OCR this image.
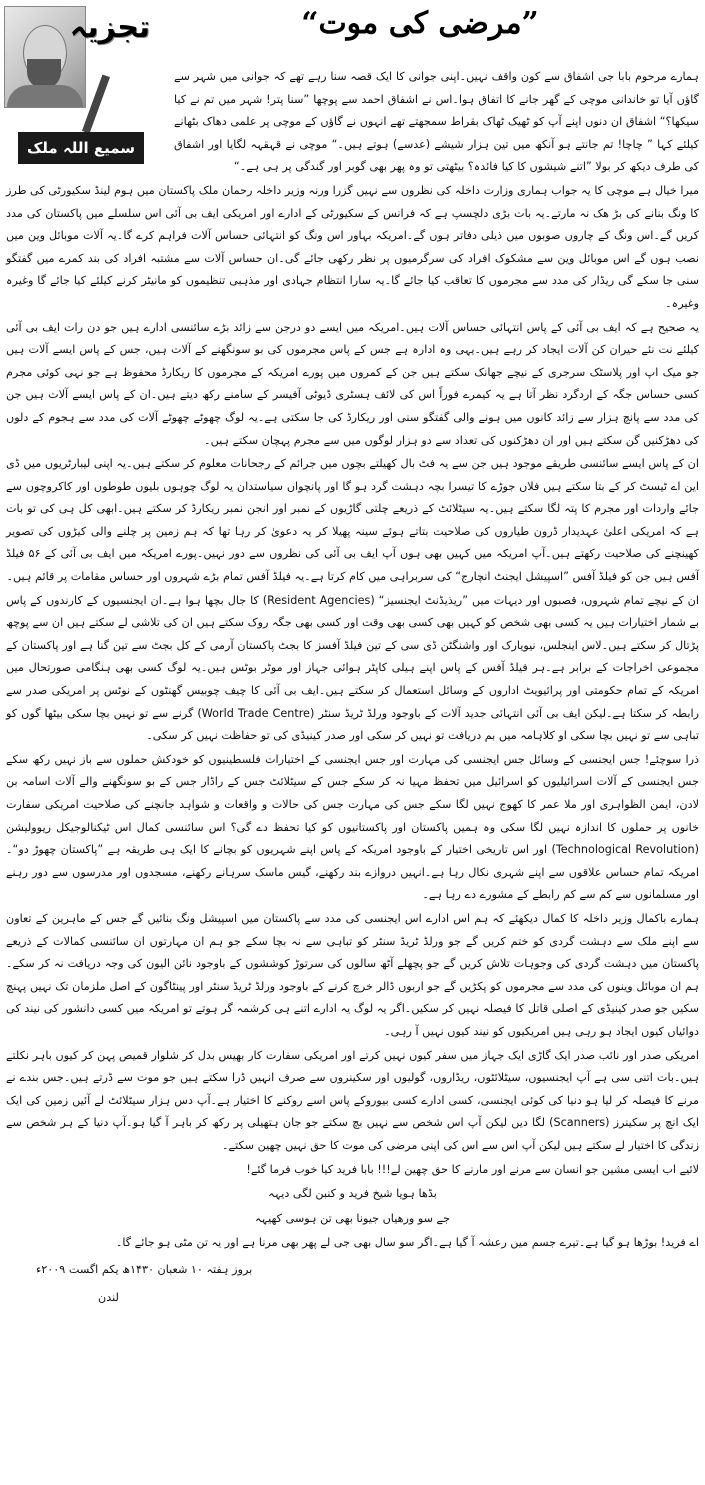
تجزیہ
سمیع اللہ ملک
”مرضی کی موت“

ہمارے مرحوم بابا جی اشفاق سے کون واقف نہیں۔اپنی جوانی کا ایک قصہ سنا رہے تھے کہ جوانی میں شہر سے گاؤں آیا تو خاندانی موچی کے گھر جانے کا اتفاق ہوا۔اس نے اشفاق احمد سے پوچھا ”سنا پتر! شہر میں تم نے کیا سیکھا؟“ اشفاق ان دنوں اپنے آپ کو ٹھیک ٹھاک بقراط سمجھتے تھے انہوں نے گاؤں کے موچی پر علمی دھاک بٹھانے کیلئے کہا ” چاچا! تم جانتے ہو آنکھ میں تین ہزار شیشے (عدسے) ہوتے ہیں۔“ موچی نے قہقہہ لگایا اور اشفاق کی طرف دیکھ کر بولا ”اتنے شیشوں کا کیا فائدہ؟ بیٹھتی تو وہ پھر بھی گوبر اور گندگی پر ہی ہے۔“

میرا خیال ہے موچی کا یہ جواب ہماری وزارت داخلہ کی نظروں سے نہیں گزرا ورنہ وزیر داخلہ رحمان ملک پاکستان میں ہوم لینڈ سکیورٹی کی طرز کا ونگ بنانے کی بڑ ھک نہ مارتے۔یہ بات بڑی دلچسپ ہے کہ فرانس کے سکیورٹی کے ادارے اور امریکی ایف بی آئی اس سلسلے میں پاکستان کی مدد کریں گے۔اس ونگ کے چاروں صوبوں میں ذیلی دفاتر ہوں گے۔امریکہ بہاور اس ونگ کو انتہائی حساس آلات فراہم کرے گا۔یہ آلات موبائل وین میں نصب ہوں گے اس موبائل وین سے مشکوک افراد کی سرگرمیوں پر نظر رکھی جائے گی۔ان حساس آلات سے مشتبہ افراد کی بند کمرے میں گفتگو سنی جا سکے گی ریڈار کی مدد سے مجرموں کا تعاقب کیا جائے گا۔یہ سارا انتظام جہادی اور مذہبی تنظیموں کو مانیٹر کرنے کیلئے کیا جائے گا وغیرہ وغیرہ۔

یہ صحیح ہے کہ ایف بی آئی کے پاس انتہائی حساس آلات ہیں۔امریکہ میں ایسے دو درجن سے زائد بڑے سائنسی ادارے ہیں جو دن رات ایف بی آئی کیلئے نت نئے حیران کن آلات ایجاد کر رہے ہیں۔یہی وہ ادارہ ہے جس کے پاس مجرموں کی بو سونگھنے کے آلات ہیں، جس کے پاس ایسے آلات ہیں جو میک اپ اور پلاسٹک سرجری کے نیچے جھانک سکتے ہیں جن کے کمروں میں پورے امریکہ کے مجرموں کا ریکارڈ محفوظ ہے جو نہی کوئی مجرم کسی حساس جگہ کے اردگرد نظر آتا ہے یہ کیمرے فوراً اس کی لائف ہسٹری ڈیوٹی آفیسر کے سامنے رکھ دیتے ہیں۔ان کے پاس ایسے آلات ہیں جن کی مدد سے پانچ ہزار سے زائد کانوں میں ہونے والی گفتگو سنی اور ریکارڈ کی جا سکتی ہے۔یہ لوگ چھوٹے چھوٹے آلات کی مدد سے ہجوم کے دلوں کی دھڑکنیں گن سکتے ہیں اور ان دھڑکنوں کی تعداد سے دو ہزار لوگوں میں سے مجرم پہچان سکتے ہیں۔

ان کے پاس ایسے سائنسی طریقے موجود ہیں جن سے یہ فٹ بال کھیلتے بچوں میں جرائم کے رجحانات معلوم کر سکتے ہیں۔یہ اپنی لیبارٹریوں میں ڈی این اے ٹیسٹ کر کے بتا سکتے ہیں فلاں جوڑے کا تیسرا بچہ دہشت گرد ہو گا اور پانچواں سیاستدان یہ لوگ چوہوں بلیوں طوطوں اور کاکروچوں سے جائے واردات اور مجرم کا پتہ لگا سکتے ہیں۔یہ سیٹلائٹ کے ذریعے چلتی گاڑیوں کے نمبر اور انجن نمبر ریکارڈ کر سکتے ہیں۔ابھی کل ہی کی تو بات ہے کہ امریکی اعلیٰ عہدیدار ڈرون طیاروں کی صلاحیت بتاتے ہوئے سینہ پھیلا کر یہ دعویٰ کر رہا تھا کہ ہم زمین پر چلنے والی کیڑوں کی تصویر کھینچنے کی صلاحیت رکھتے ہیں۔آپ امریکہ میں کہیں بھی ہوں آپ ایف بی آئی کی نظروں سے دور نہیں۔پورے امریکہ میں ایف بی آئی کے ۵۶ فیلڈ آفس ہیں جن کو فیلڈ آفس ”اسپیشل ایجنٹ انچارج“ کی سربراہی میں کام کرتا ہے۔یہ فیلڈ آفس تمام بڑے شہروں اور حساس مقامات پر قائم ہیں۔

ان کے نیچے تمام شہروں، قصبوں اور دیہات میں ”ریذیڈنٹ ایجنسیز“ (Resident Agencies) کا جال بچھا ہوا ہے۔ان ایجنسیوں کے کارندوں کے پاس بے شمار اختیارات ہیں یہ کسی بھی شخص کو کہیں بھی کسی بھی وقت اور کسی بھی جگہ روک سکتے ہیں ان کی تلاشی لے سکتے ہیں ان سے پوچھ پڑتال کر سکتے ہیں۔لاس اینجلس، نیویارک اور واشنگٹن ڈی سی کے تین فیلڈ آفسز کا بجٹ پاکستان آرمی کے کل بجٹ سے تین گنا ہے اور پاکستان کے مجموعی اخراجات کے برابر ہے۔ہر فیلڈ آفس کے پاس اپنے ہیلی کاپٹر ہوائی جہاز اور موٹر بوٹس ہیں۔یہ لوگ کسی بھی ہنگامی صورتحال میں امریکہ کے تمام حکومتی اور پرائیویٹ اداروں کے وسائل استعمال کر سکتے ہیں۔ایف بی آئی کا چیف چوبیس گھنٹوں کے نوٹس پر امریکی صدر سے رابطہ کر سکتا ہے۔لیکن ایف بی آئی انتہائی جدید آلات کے باوجود ورلڈ ٹریڈ سنٹر (World Trade Centre) گرنے سے تو نہیں بچا سکی بیٹھا گوں کو تباہی سے تو نہیں بچا سکی او کلاہامہ میں بم دریافت تو نہیں کر سکی اور صدر کینیڈی کی تو حفاظت نہیں کر سکی۔

ذرا سوچئے! جس ایجنسی کے وسائل جس ایجنسی کی مہارت اور جس ایجنسی کے اختیارات فلسطینیوں کو خودکش حملوں سے باز نہیں رکھ سکے جس ایجنسی کے آلات اسرائیلیوں کو اسرائیل میں تحفظ مہیا نہ کر سکے جس کے سیٹلائٹ جس کے راڈار جس کے بو سونگھنے والے آلات اسامہ بن لادن، ایمن الظواہری اور ملا عمر کا کھوج نہیں لگا سکے جس کی مہارت جس کی حالات و واقعات و شواہد جانچنے کی صلاحیت امریکی سفارت خانوں پر حملوں کا اندازہ نہیں لگا سکی وہ ہمیں پاکستان اور پاکستانیوں کو کیا تحفظ دے گی؟ اس سائنسی کمال اس ٹیکنالوجیکل ریوولیشن (Technological Revolution) اور اس تاریخی اختیار کے باوجود امریکہ کے پاس اپنے شہریوں کو بچانے کا ایک ہی طریقہ ہے ”پاکستان چھوڑ دو“۔امریکہ تمام حساس علاقوں سے اپنے شہری نکال رہا ہے۔انہیں دروازے بند رکھنے، گیس ماسک سرہانے رکھنے، مسجدوں اور مدرسوں سے دور رہنے اور مسلمانوں سے کم سے کم رابطے کے مشورے دے رہا ہے۔

ہمارے باکمال وزیر داخلہ کا کمال دیکھئے کہ ہم اس ادارے اس ایجنسی کی مدد سے پاکستان میں اسپیشل ونگ بنائیں گے جس کے ماہرین کے تعاون سے اپنے ملک سے دہشت گردی کو ختم کریں گے جو ورلڈ ٹریڈ سنٹر کو تباہی سے نہ بچا سکے جو ہم ان مہارتوں ان سائنسی کمالات کے ذریعے پاکستان میں دہشت گردی کی وجوہات تلاش کریں گے جو پچھلے آٹھ سالوں کی سرتوڑ کوششوں کے باوجود نائن الیون کی وجہ دریافت نہ کر سکے۔ہم ان موبائل وینوں کی مدد سے مجرموں کو پکڑیں گے جو اربوں ڈالر خرچ کرنے کے باوجود ورلڈ ٹریڈ سنٹر اور پینٹاگون کے اصل ملزمان تک نہیں پہنچ سکیں جو صدر کینیڈی کے اصلی قاتل کا فیصلہ نہیں کر سکیں۔اگر یہ لوگ یہ ادارے اتنے ہی کرشمہ گر ہوتے تو امریکہ میں کسی دانشور کی نیند کی دوائیاں کیوں ایجاد ہو رہی ہیں امریکیوں کو نیند کیوں نہیں آ رہی۔

امریکی صدر اور نائب صدر ایک گاڑی ایک جہاز میں سفر کیوں نہیں کرتے اور امریکی سفارت کار بھیس بدل کر شلوار قمیص پہن کر کیوں باہر نکلتے ہیں۔بات اتنی سی ہے آپ ایجنسیوں، سیٹلائٹوں، ریڈاروں، گولیوں اور سکینروں سے صرف انہیں ڈرا سکتے ہیں جو موت سے ڈرتے ہیں۔جس بندے نے مرنے کا فیصلہ کر لیا ہو دنیا کی کوئی ایجنسی، کسی ادارے کسی بیوروکے پاس اسے روکنے کا اختیار ہے۔آپ دس ہزار سیٹلائٹ لے آئیں زمین کی ایک ایک انچ پر سکینرز (Scanners) لگا دیں لیکن آپ اس شخص سے نہیں بچ سکتے جو جان ہتھیلی پر رکھ کر باہر آ گیا ہو۔آپ دنیا کے ہر شخص سے زندگی کا اختیار لے سکتے ہیں لیکن آپ اس سے اس کی اپنی مرضی کی موت کا حق نہیں چھین سکتے۔

لائیے اب ایسی مشین جو انسان سے مرنے اور مارنے کا حق چھین لے!!! بابا فرید کیا خوب فرما گئے!

بڈھا ہویا شیخ فرید و کنبن لگی دیہہ
جے سو ورھیاں جیونا بھی تن ہوسی کھیہہ

اے فرید! بوڑھا ہو گیا ہے۔تیرے جسم میں رعشہ آ گیا ہے۔اگر سو سال بھی جی لے پھر بھی مرنا ہے اور یہ تن مٹی ہو جائے گا۔

بروز ہفتہ ۱۰ شعبان ۱۴۳۰ھ یکم اگست ۲۰۰۹ء
لندن
